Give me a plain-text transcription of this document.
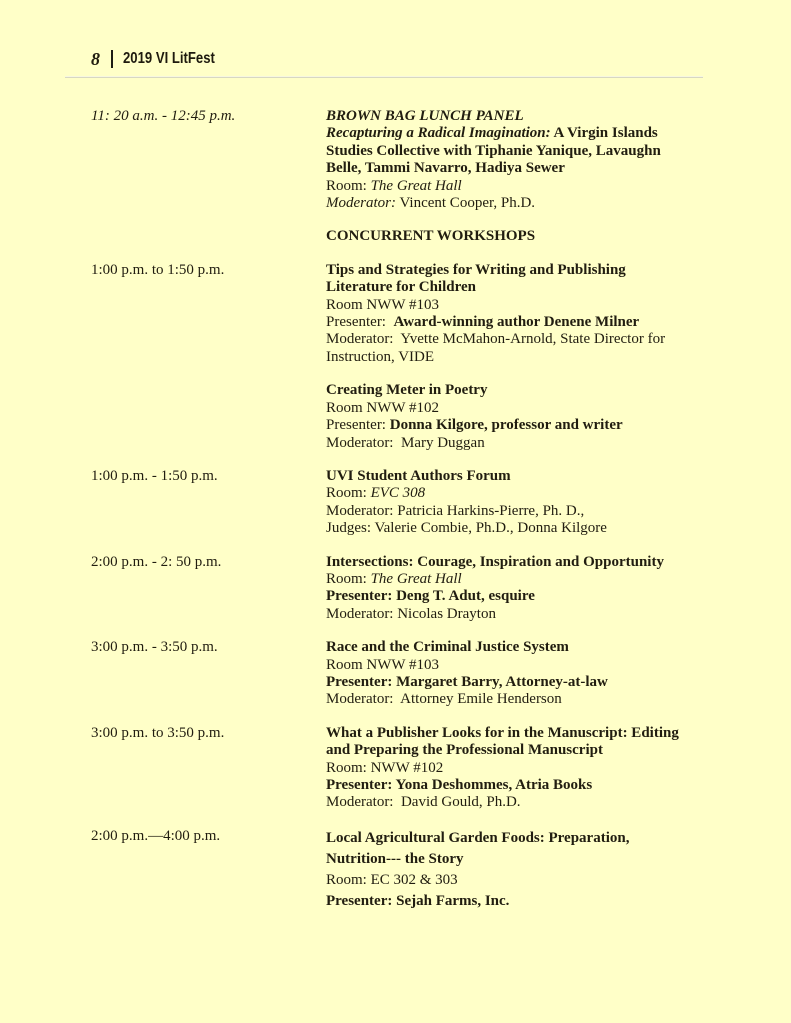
8 2019 VI LitFest
11: 20 a.m. - 12:45 p.m.	BROWN BAG LUNCH PANEL
Recapturing a Radical Imagination: A Virgin Islands
Studies Collective with Tiphanie Yanique, Lavaughn
Belle, Tammi Navarro, Hadiya Sewer
Room: The Great Hall
Moderator: Vincent Cooper, Ph.D.
CONCURRENT WORKSHOPS
1:00 p.m. to 1:50 p.m.	Tips and Strategies for Writing and Publishing
Literature for Children
Room NWW #103
Presenter:  Award-winning author Denene Milner
Moderator:  Yvette McMahon-Arnold, State Director for
Instruction, VIDE
Creating Meter in Poetry
Room NWW #102
Presenter: Donna Kilgore, professor and writer
Moderator:  Mary Duggan
1:00 p.m. - 1:50 p.m.	UVI Student Authors Forum
Room: EVC 308
Moderator: Patricia Harkins-Pierre, Ph. D.,
Judges: Valerie Combie, Ph.D., Donna Kilgore
2:00 p.m. - 2: 50 p.m.	Intersections: Courage, Inspiration and Opportunity
Room: The Great Hall
Presenter: Deng T. Adut, esquire
Moderator: Nicolas Drayton
3:00 p.m. - 3:50 p.m.	Race and the Criminal Justice System
Room NWW #103
Presenter: Margaret Barry, Attorney-at-law
Moderator:  Attorney Emile Henderson
3:00 p.m. to 3:50 p.m.	What a Publisher Looks for in the Manuscript: Editing
and Preparing the Professional Manuscript
Room: NWW #102
Presenter: Yona Deshommes, Atria Books
Moderator:  David Gould, Ph.D.
2:00 p.m.—4:00 p.m.	Local Agricultural Garden Foods: Preparation,
Nutrition--- the Story
Room: EC 302 & 303
Presenter: Sejah Farms, Inc.
